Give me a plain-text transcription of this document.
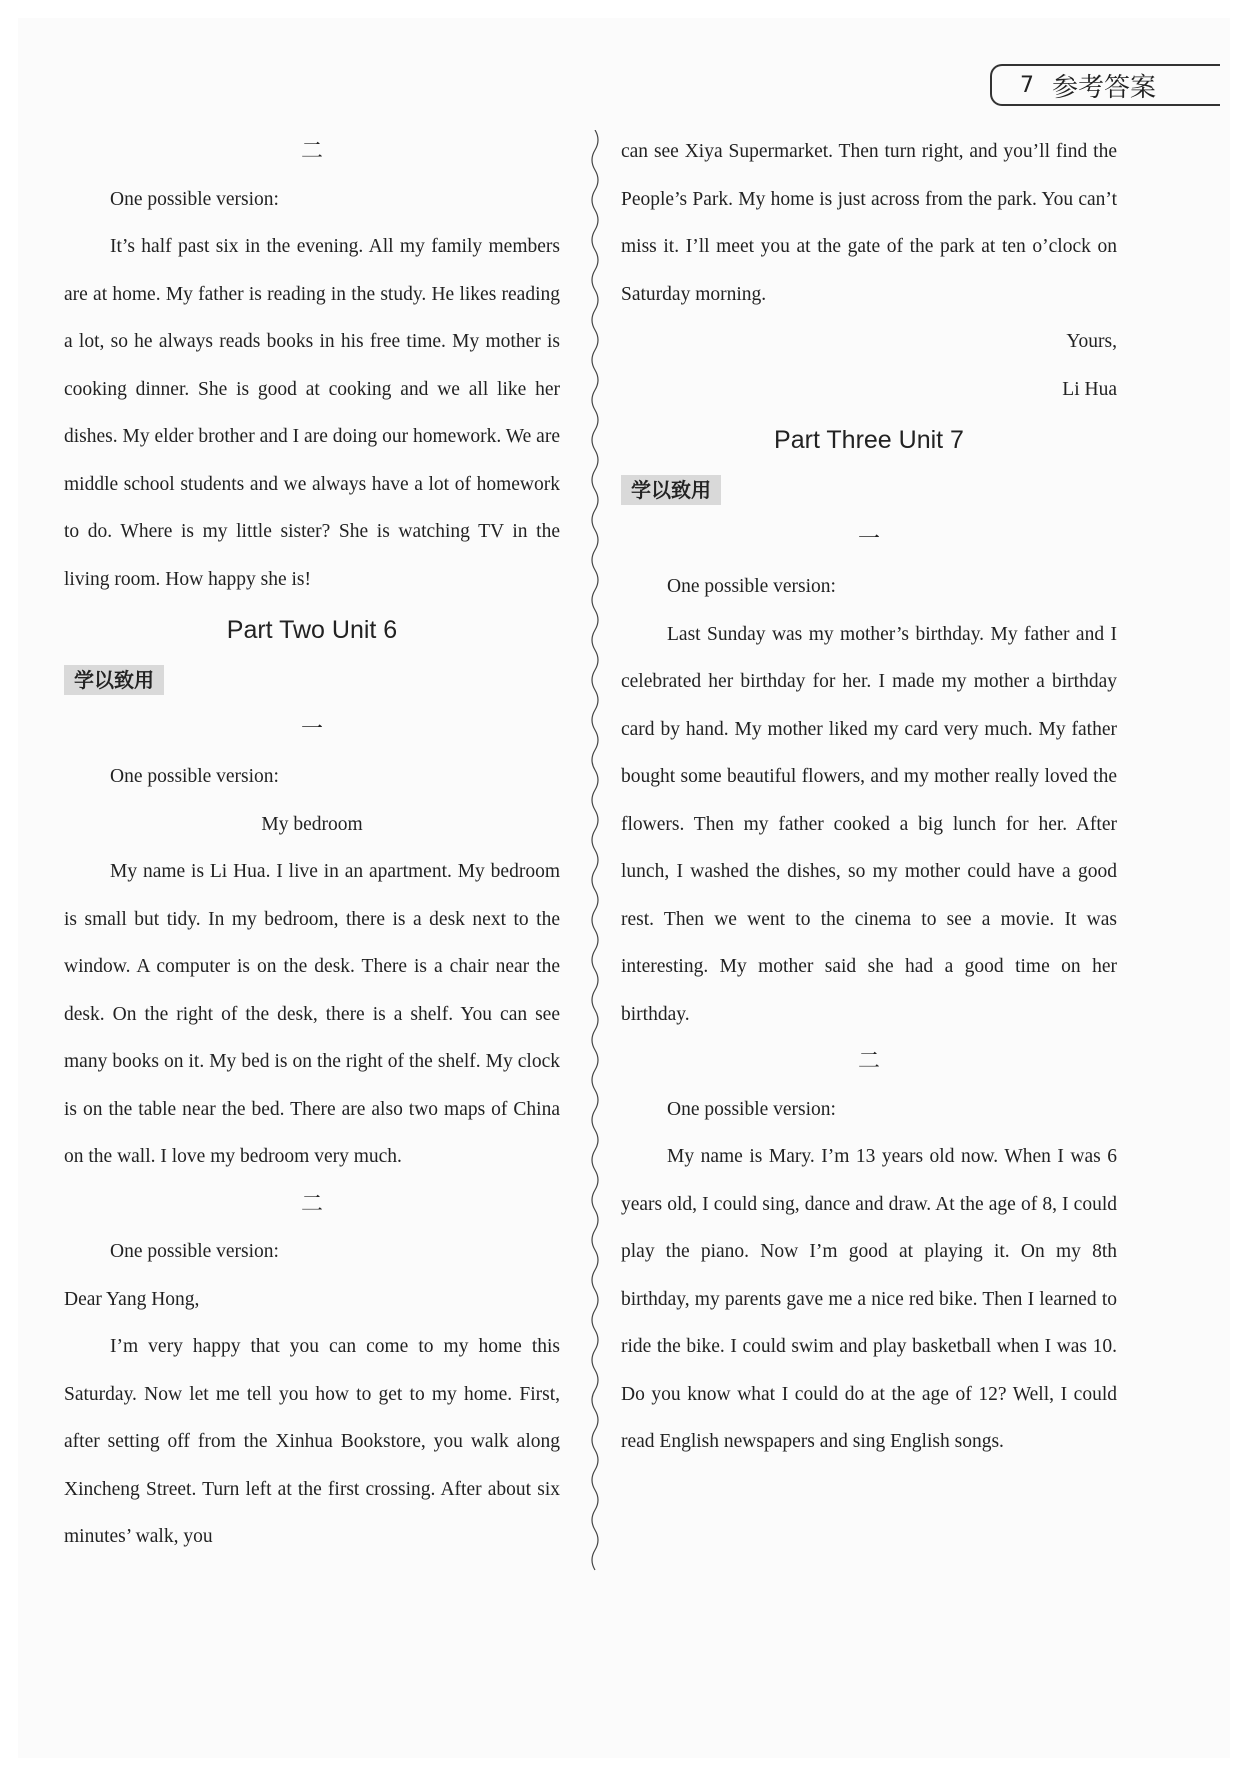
7 参考答案

二

One possible version:

It’s half past six in the evening. All my family members are at home. My father is reading in the study. He likes reading a lot, so he always reads books in his free time. My mother is cooking dinner. She is good at cooking and we all like her dishes. My elder brother and I are doing our homework. We are middle school students and we always have a lot of homework to do. Where is my little sister? She is watching TV in the living room. How happy she is!

Part Two Unit 6

学以致用

一

One possible version:

My bedroom

My name is Li Hua. I live in an apartment. My bedroom is small but tidy. In my bedroom, there is a desk next to the window. A computer is on the desk. There is a chair near the desk. On the right of the desk, there is a shelf. You can see many books on it. My bed is on the right of the shelf. My clock is on the table near the bed. There are also two maps of China on the wall. I love my bedroom very much.

二

One possible version:

Dear Yang Hong,

I’m very happy that you can come to my home this Saturday. Now let me tell you how to get to my home. First, after setting off from the Xinhua Bookstore, you walk along Xincheng Street. Turn left at the first crossing. After about six minutes’ walk, you

can see Xiya Supermarket. Then turn right, and you’ll find the People’s Park. My home is just across from the park. You can’t miss it. I’ll meet you at the gate of the park at ten o’clock on Saturday morning.

Yours,

Li Hua

Part Three Unit 7

学以致用

一

One possible version:

Last Sunday was my mother’s birthday. My father and I celebrated her birthday for her. I made my mother a birthday card by hand. My mother liked my card very much. My father bought some beautiful flowers, and my mother really loved the flowers. Then my father cooked a big lunch for her. After lunch, I washed the dishes, so my mother could have a good rest. Then we went to the cinema to see a movie. It was interesting. My mother said she had a good time on her birthday.

二

One possible version:

My name is Mary. I’m 13 years old now. When I was 6 years old, I could sing, dance and draw. At the age of 8, I could play the piano. Now I’m good at playing it. On my 8th birthday, my parents gave me a nice red bike. Then I learned to ride the bike. I could swim and play basketball when I was 10. Do you know what I could do at the age of 12? Well, I could read English newspapers and sing English songs.
